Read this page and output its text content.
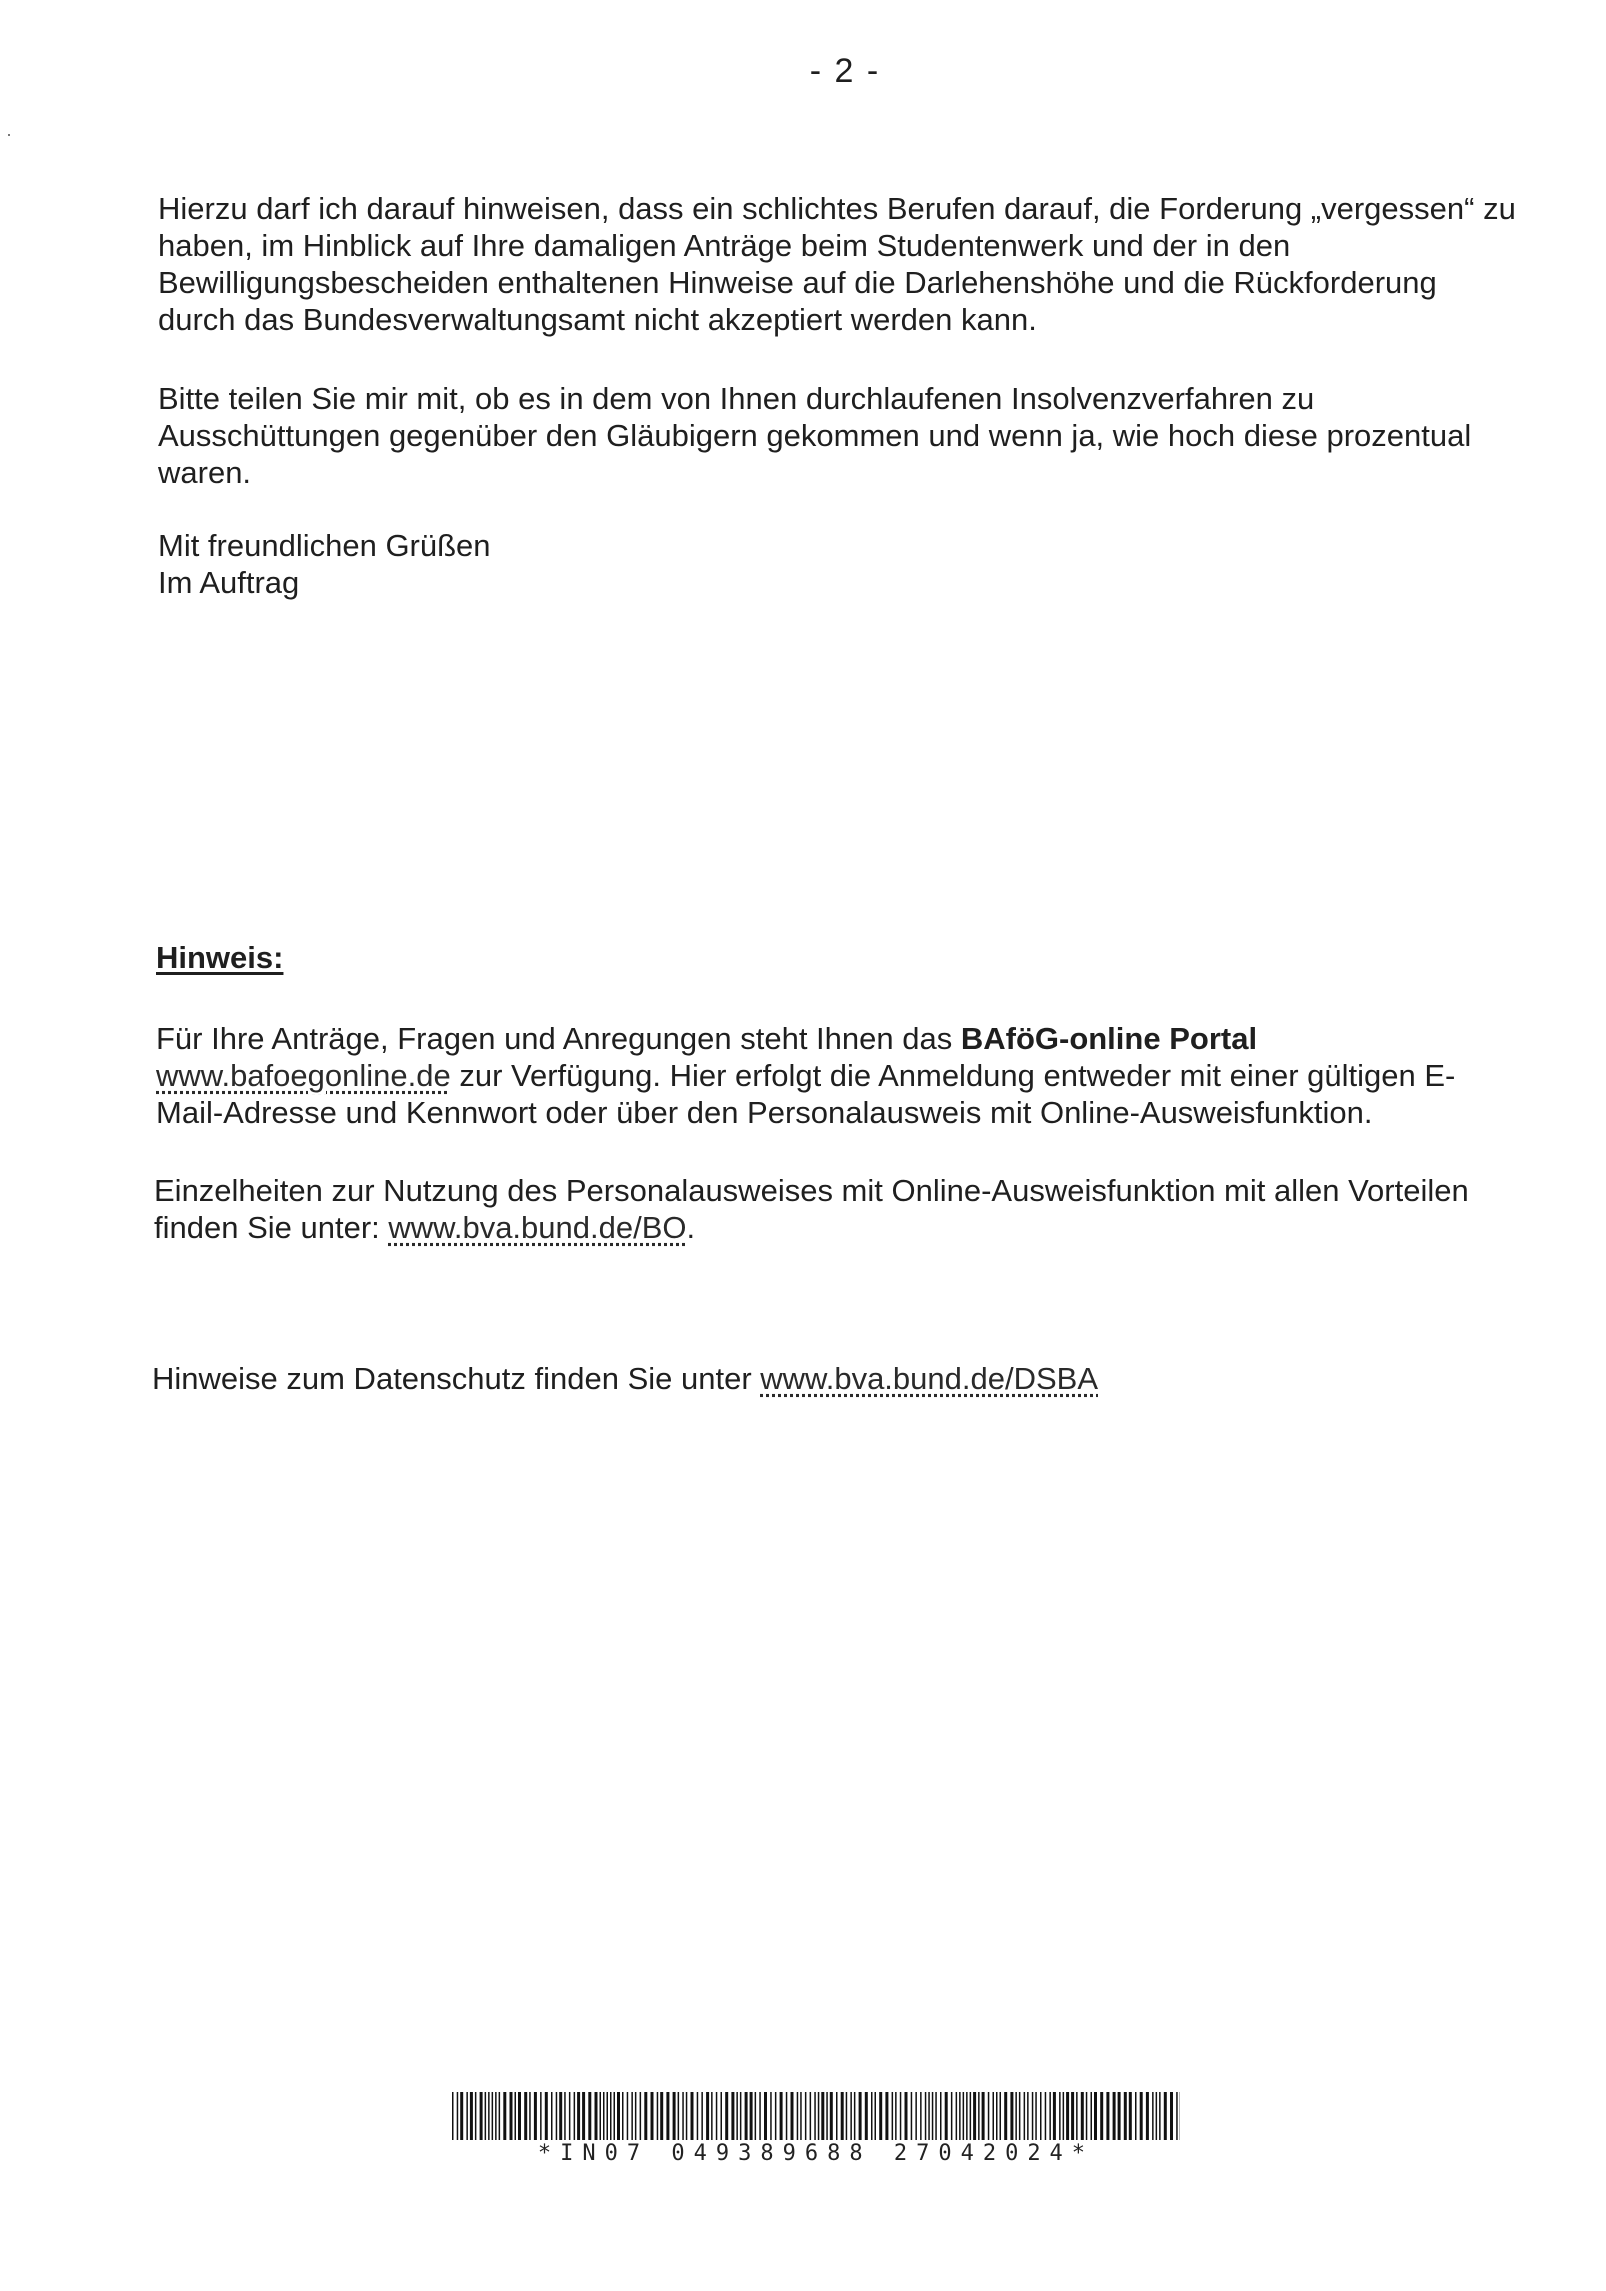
- 2 -

Hierzu darf ich darauf hinweisen, dass ein schlichtes Berufen darauf, die Forderung „vergessen“ zu haben, im Hinblick auf Ihre damaligen Anträge beim Studentenwerk und der in den Bewilligungsbescheiden enthaltenen Hinweise auf die Darlehenshöhe und die Rückforderung durch das Bundesverwaltungsamt nicht akzeptiert werden kann.

Bitte teilen Sie mir mit, ob es in dem von Ihnen durchlaufenen Insolvenzverfahren zu Ausschüttungen gegenüber den Gläubigern gekommen und wenn ja, wie hoch diese prozentual waren.

Mit freundlichen Grüßen
Im Auftrag

Hinweis:

Für Ihre Anträge, Fragen und Anregungen steht Ihnen das BAföG-online Portal
www.bafoegonline.de zur Verfügung. Hier erfolgt die Anmeldung entweder mit einer gültigen E-Mail-Adresse und Kennwort oder über den Personalausweis mit Online-Ausweisfunktion.

Einzelheiten zur Nutzung des Personalausweises mit Online-Ausweisfunktion mit allen Vorteilen finden Sie unter: www.bva.bund.de/BO.

Hinweise zum Datenschutz finden Sie unter www.bva.bund.de/DSBA

*IN07 049389688 27042024*
